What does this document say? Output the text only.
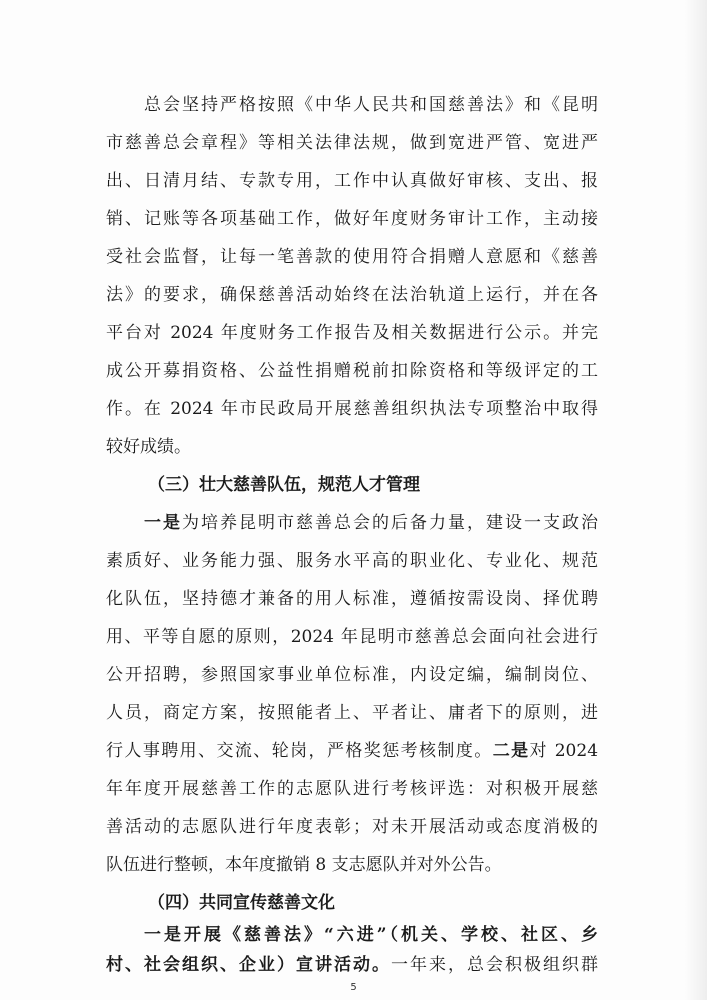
总会坚持严格按照《中华人民共和国慈善法》和《昆明
市慈善总会章程》等相关法律法规，做到宽进严管、宽进严
出、日清月结、专款专用，工作中认真做好审核、支出、报
销、记账等各项基础工作，做好年度财务审计工作，主动接
受社会监督，让每一笔善款的使用符合捐赠人意愿和《慈善
法》的要求，确保慈善活动始终在法治轨道上运行，并在各
平台对 2024 年度财务工作报告及相关数据进行公示。并完
成公开募捐资格、公益性捐赠税前扣除资格和等级评定的工
作。在 2024 年市民政局开展慈善组织执法专项整治中取得
较好成绩。
（三）壮大慈善队伍，规范人才管理
一是为培养昆明市慈善总会的后备力量，建设一支政治
素质好、业务能力强、服务水平高的职业化、专业化、规范
化队伍，坚持德才兼备的用人标准，遵循按需设岗、择优聘
用、平等自愿的原则，2024 年昆明市慈善总会面向社会进行
公开招聘，参照国家事业单位标准，内设定编，编制岗位、
人员，商定方案，按照能者上、平者让、庸者下的原则，进
行人事聘用、交流、轮岗，严格奖惩考核制度。二是对 2024
年年度开展慈善工作的志愿队进行考核评选：对积极开展慈
善活动的志愿队进行年度表彰；对未开展活动或态度消极的
队伍进行整顿，本年度撤销 8 支志愿队并对外公告。
（四）共同宣传慈善文化
一是开展《慈善法》“六进”（机关、学校、社区、乡
村、社会组织、企业）宣讲活动。一年来，总会积极组织群
5
